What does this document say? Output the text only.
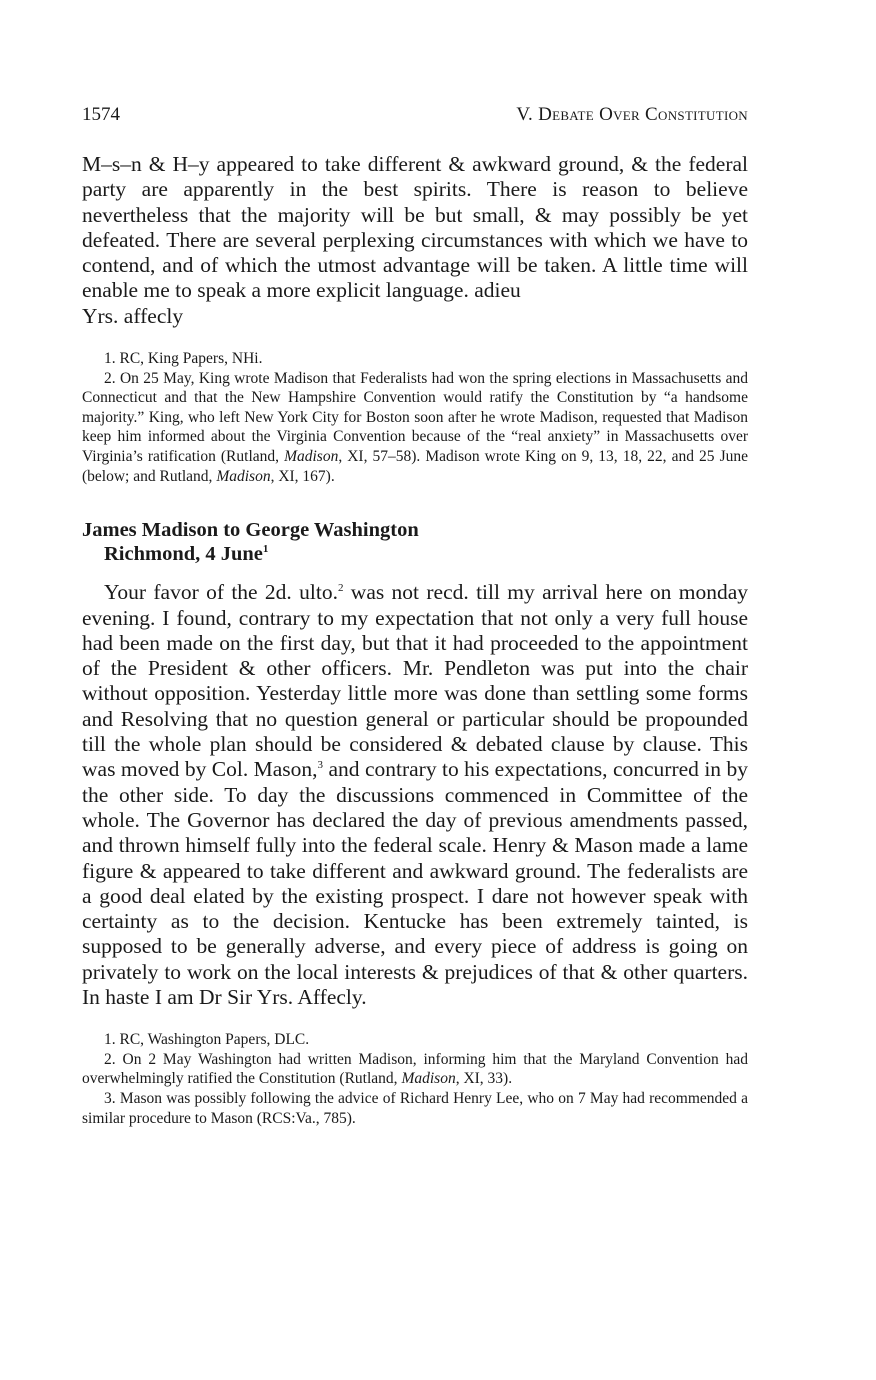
1574	V. Debate Over Constitution

M–s–n & H–y appeared to take different & awkward ground, & the federal party are apparently in the best spirits. There is reason to believe nevertheless that the majority will be but small, & may possibly be yet defeated. There are several perplexing circumstances with which we have to contend, and of which the utmost advantage will be taken. A little time will enable me to speak a more explicit language. adieu
Yrs. affecly

1. RC, King Papers, NHi.

2. On 25 May, King wrote Madison that Federalists had won the spring elections in Massachusetts and Connecticut and that the New Hampshire Convention would ratify the Constitution by “a handsome majority.” King, who left New York City for Boston soon after he wrote Madison, requested that Madison keep him informed about the Virginia Convention because of the “real anxiety” in Massachusetts over Virginia’s ratification (Rutland, Madison, XI, 57–58). Madison wrote King on 9, 13, 18, 22, and 25 June (below; and Rutland, Madison, XI, 167).

James Madison to George Washington
Richmond, 4 June$^1$

Your favor of the 2d. ulto.$^2$ was not recd. till my arrival here on monday evening. I found, contrary to my expectation that not only a very full house had been made on the first day, but that it had proceeded to the appointment of the President & other officers. Mr. Pendleton was put into the chair without opposition. Yesterday little more was done than settling some forms and Resolving that no question general or particular should be propounded till the whole plan should be considered & debated clause by clause. This was moved by Col. Mason,$^3$ and contrary to his expectations, concurred in by the other side. To day the discussions commenced in Committee of the whole. The Governor has declared the day of previous amendments passed, and thrown himself fully into the federal scale. Henry & Mason made a lame figure & appeared to take different and awkward ground. The federalists are a good deal elated by the existing prospect. I dare not however speak with certainty as to the decision. Kentucke has been extremely tainted, is supposed to be generally adverse, and every piece of address is going on privately to work on the local interests & prejudices of that & other quarters. In haste I am Dr Sir Yrs. Affecly.

1. RC, Washington Papers, DLC.

2. On 2 May Washington had written Madison, informing him that the Maryland Convention had overwhelmingly ratified the Constitution (Rutland, Madison, XI, 33).

3. Mason was possibly following the advice of Richard Henry Lee, who on 7 May had recommended a similar procedure to Mason (RCS:Va., 785).
